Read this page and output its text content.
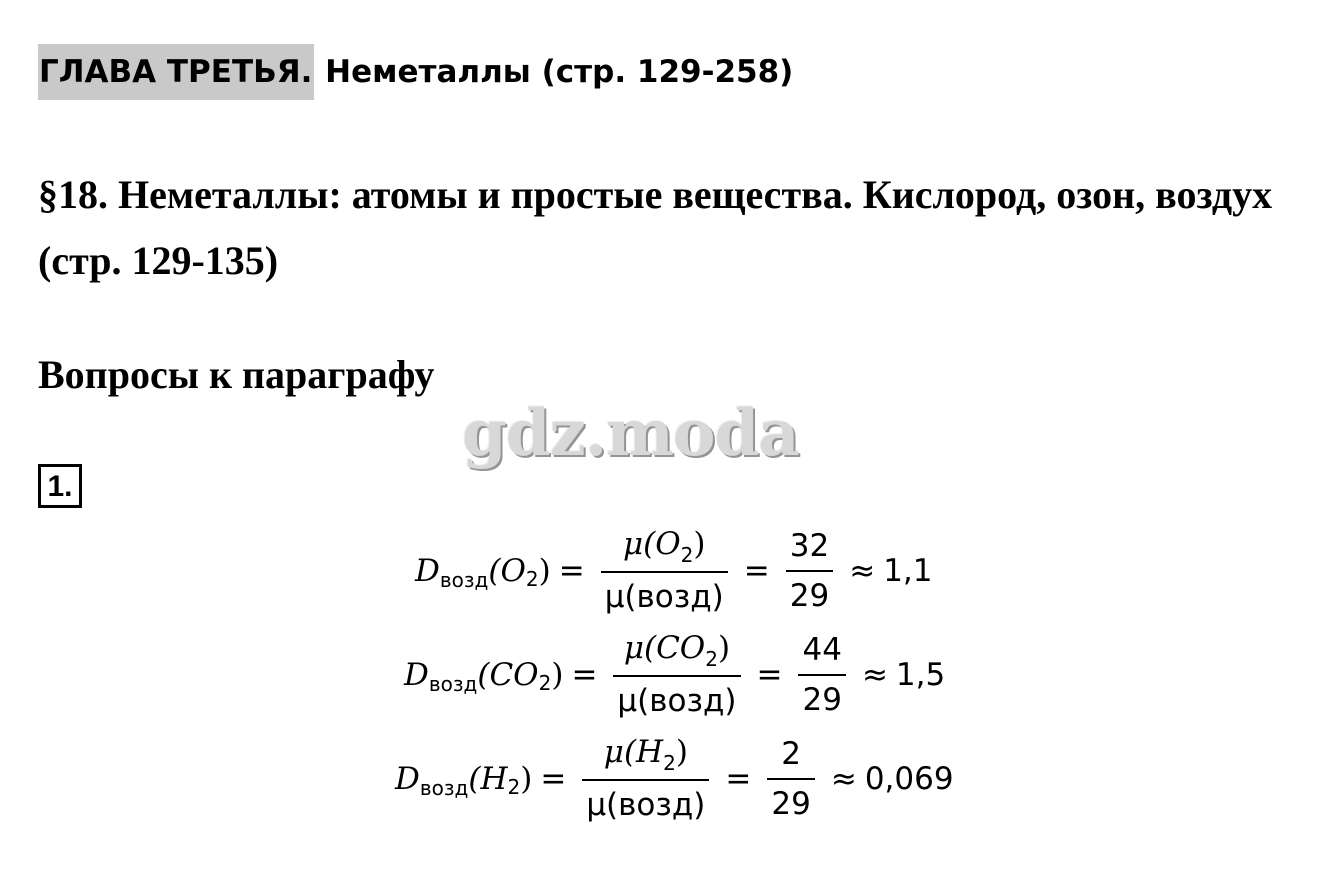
ГЛАВА ТРЕТЬЯ. Неметаллы (стр. 129-258)
§18. Неметаллы: атомы и простые вещества. Кислород, озон, воздух (стр. 129-135)
Вопросы к параграфу
gdz.moda
1.
D возд (O 2 ) = $\frac{\mu(O_2)}{\text{μ(возд)}} = \frac{32}{29} \approx 1,1$
D возд (CO 2 ) = $\frac{\mu(CO_2)}{\text{μ(возд)}} = \frac{44}{29} \approx 1,5$
D возд (H 2 ) = $\frac{\mu(H_2)}{\text{μ(возд)}} = \frac{2}{29} \approx 0,069$
